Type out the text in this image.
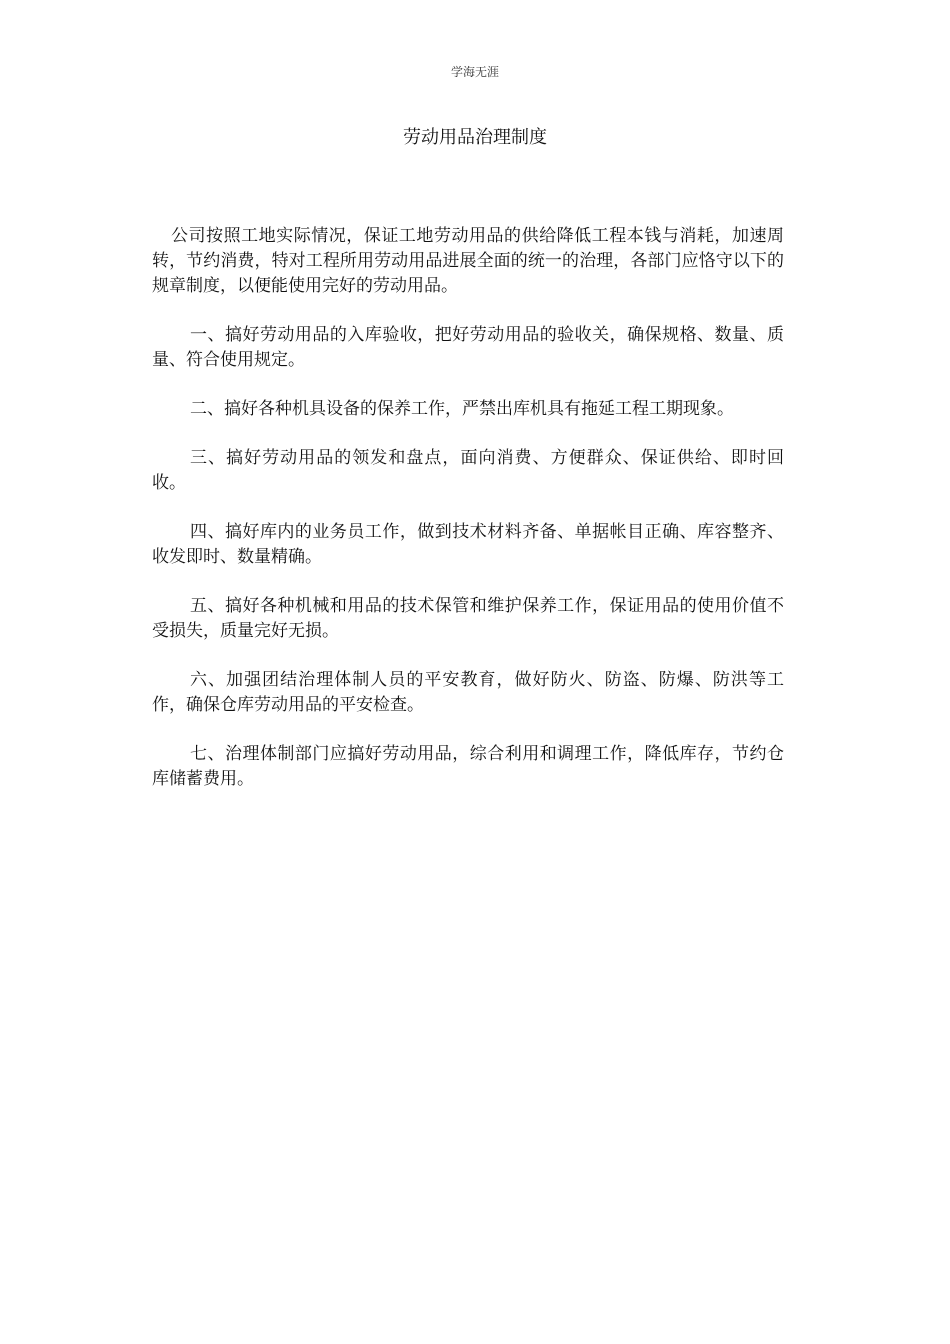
学海无涯
劳动用品治理制度

公司按照工地实际情况，保证工地劳动用品的供给降低工程本钱与消耗，加速周转，节约消费，特对工程所用劳动用品进展全面的统一的治理，各部门应恪守以下的规章制度，以便能使用完好的劳动用品。

一、搞好劳动用品的入库验收，把好劳动用品的验收关，确保规格、数量、质量、符合使用规定。

二、搞好各种机具设备的保养工作，严禁出库机具有拖延工程工期现象。

三、搞好劳动用品的领发和盘点，面向消费、方便群众、保证供给、即时回收。

四、搞好库内的业务员工作，做到技术材料齐备、单据帐目正确、库容整齐、收发即时、数量精确。

五、搞好各种机械和用品的技术保管和维护保养工作，保证用品的使用价值不受损失，质量完好无损。

六、加强团结治理体制人员的平安教育，做好防火、防盗、防爆、防洪等工作，确保仓库劳动用品的平安检查。

七、治理体制部门应搞好劳动用品，综合利用和调理工作，降低库存，节约仓库储蓄费用。
